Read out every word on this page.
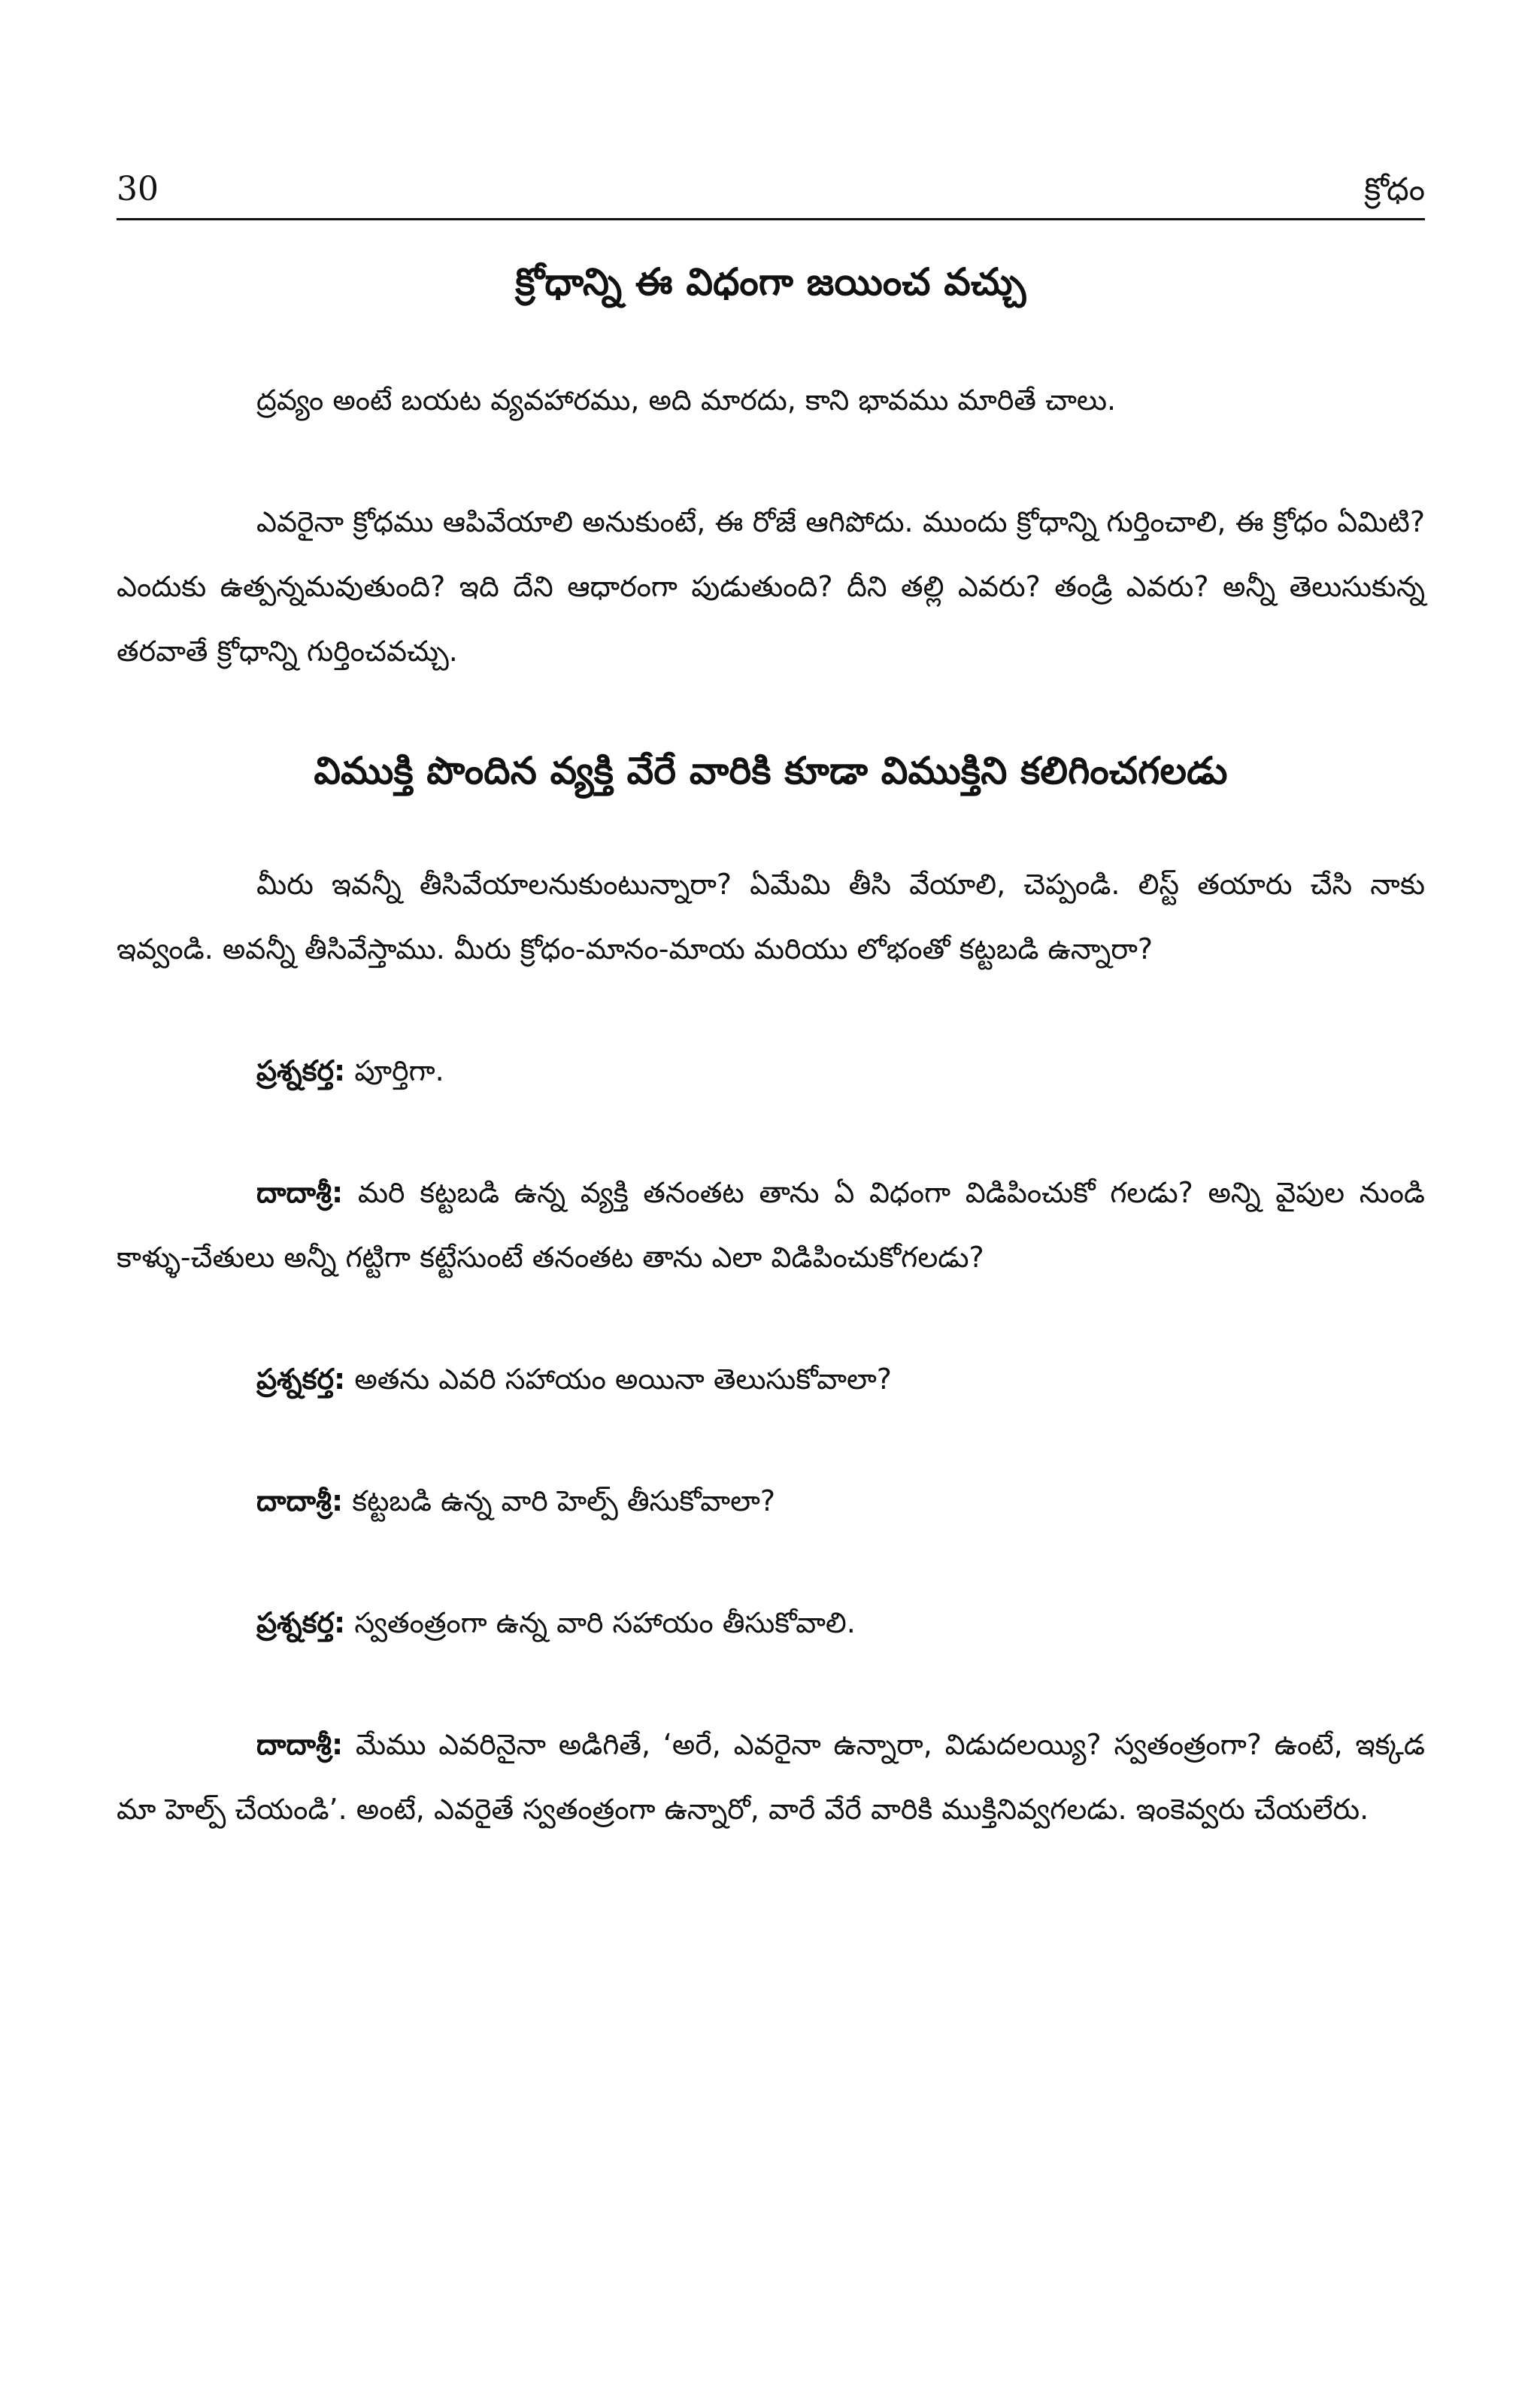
30	క్రోధం
క్రోధాన్ని ఈ విధంగా జయించ వచ్చు

ద్రవ్యం అంటే బయట వ్యవహారము, అది మారదు, కాని భావము మారితే చాలు.

ఎవరైనా క్రోధము ఆపివేయాలి అనుకుంటే, ఈ రోజే ఆగిపోదు. ముందు క్రోధాన్ని గుర్తించాలి, ఈ క్రోధం ఏమిటి? ఎందుకు ఉత్పన్నమవుతుంది? ఇది దేని ఆధారంగా పుడుతుంది? దీని తల్లి ఎవరు? తండ్రి ఎవరు? అన్నీ తెలుసుకున్న తరవాతే క్రోధాన్ని గుర్తించవచ్చు.

విముక్తి పొందిన వ్యక్తి వేరే వారికి కూడా విముక్తిని కలిగించగలడు

మీరు ఇవన్నీ తీసివేయాలనుకుంటున్నారా? ఏమేమి తీసి వేయాలి, చెప్పండి. లిస్ట్ తయారు చేసి నాకు ఇవ్వండి. అవన్నీ తీసివేస్తాము. మీరు క్రోధం-మానం-మాయ మరియు లోభంతో కట్టబడి ఉన్నారా?

ప్రశ్నకర్త: పూర్తిగా.

దాదాశ్రీ: మరి కట్టబడి ఉన్న వ్యక్తి తనంతట తాను ఏ విధంగా విడిపించుకో గలడు? అన్ని వైపుల నుండి కాళ్ళు-చేతులు అన్నీ గట్టిగా కట్టేసుంటే తనంతట తాను ఎలా విడిపించుకోగలడు?

ప్రశ్నకర్త: అతను ఎవరి సహాయం అయినా తెలుసుకోవాలా?

దాదాశ్రీ: కట్టబడి ఉన్న వారి హెల్ప్ తీసుకోవాలా?

ప్రశ్నకర్త: స్వతంత్రంగా ఉన్న వారి సహాయం తీసుకోవాలి.

దాదాశ్రీ: మేము ఎవరినైనా అడిగితే, ‘అరే, ఎవరైనా ఉన్నారా, విడుదలయ్యి? స్వతంత్రంగా? ఉంటే, ఇక్కడ మా హెల్ప్ చేయండి’. అంటే, ఎవరైతే స్వతంత్రంగా ఉన్నారో, వారే వేరే వారికి ముక్తినివ్వగలడు. ఇంకెవ్వరు చేయలేరు.
